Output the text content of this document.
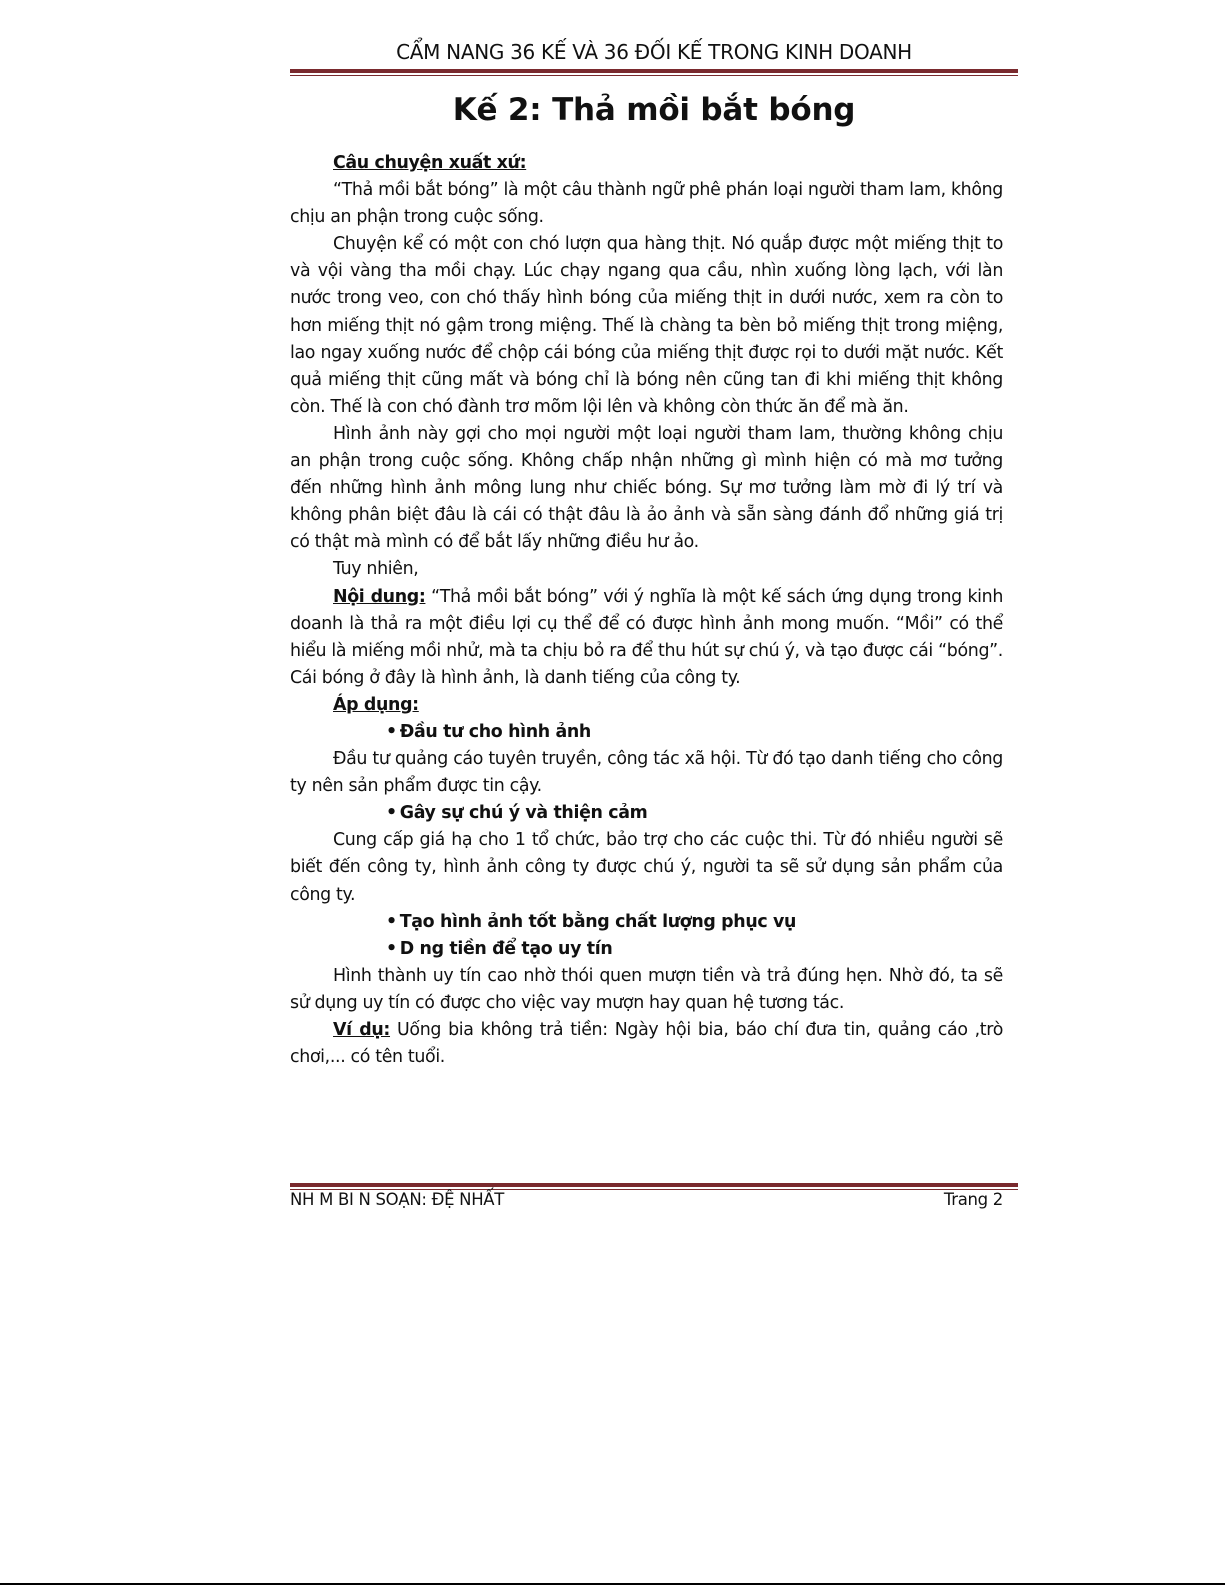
CẨM NANG 36 KẾ VÀ 36 ĐỐI KẾ TRONG KINH DOANH
Kế 2: Thả mồi bắt bóng

Câu chuyện xuất xứ:

“Thả mồi bắt bóng” là một câu thành ngữ phê phán loại người tham lam, không chịu an phận trong cuộc sống.

Chuyện kể có một con chó lượn qua hàng thịt. Nó quắp được một miếng thịt to và vội vàng tha mồi chạy. Lúc chạy ngang qua cầu, nhìn xuống lòng lạch, với làn nước trong veo, con chó thấy hình bóng của miếng thịt in dưới nước, xem ra còn to hơn miếng thịt nó gậm trong miệng. Thế là chàng ta bèn bỏ miếng thịt trong miệng, lao ngay xuống nước để chộp cái bóng của miếng thịt được rọi to dưới mặt nước. Kết quả miếng thịt cũng mất và bóng chỉ là bóng nên cũng tan đi khi miếng thịt không còn. Thế là con chó đành trơ mõm lội lên và không còn thức ăn để mà ăn.

Hình ảnh này gợi cho mọi người một loại người tham lam, thường không chịu an phận trong cuộc sống. Không chấp nhận những gì mình hiện có mà mơ tưởng đến những hình ảnh mông lung như chiếc bóng. Sự mơ tưởng làm mờ đi lý trí và không phân biệt đâu là cái có thật đâu là ảo ảnh và sẵn sàng đánh đổ những giá trị có thật mà mình có để bắt lấy những điều hư ảo.

Tuy nhiên,

Nội dung: “Thả mồi bắt bóng” với ý nghĩa là một kế sách ứng dụng trong kinh doanh là thả ra một điều lợi cụ thể để có được hình ảnh mong muốn. “Mồi” có thể hiểu là miếng mồi nhử, mà ta chịu bỏ ra để thu hút sự chú ý, và tạo được cái “bóng”. Cái bóng ở đây là hình ảnh, là danh tiếng của công ty.

Áp dụng:

• Đầu tư cho hình ảnh

Đầu tư quảng cáo tuyên truyền, công tác xã hội. Từ đó tạo danh tiếng cho công ty nên sản phẩm được tin cậy.

• Gây sự chú ý và thiện cảm

Cung cấp giá hạ cho 1 tổ chức, bảo trợ cho các cuộc thi. Từ đó nhiều người sẽ biết đến công ty, hình ảnh công ty được chú ý, người ta sẽ sử dụng sản phẩm của công ty.

• Tạo hình ảnh tốt bằng chất lượng phục vụ

• D ng tiền để tạo uy tín

Hình thành uy tín cao nhờ thói quen mượn tiền và trả đúng hẹn. Nhờ đó, ta sẽ sử dụng uy tín có được cho việc vay mượn hay quan hệ tương tác.

Ví dụ: Uống bia không trả tiền: Ngày hội bia, báo chí đưa tin, quảng cáo ,trò chơi,... có tên tuổi.

NH M BI N SOẠN: ĐỆ NHẤT	Trang 2
